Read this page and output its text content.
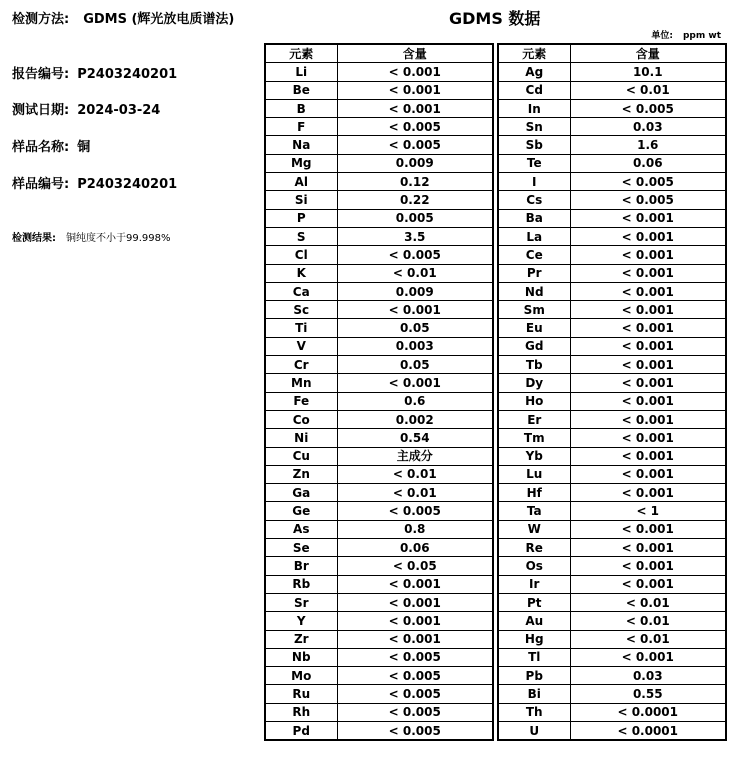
检测方法: GDMS (辉光放电质谱法)
报告编号: P2403240201
测试日期: 2024-03-24
样品名称: 铜
样品编号: P2403240201
检测结果: 铜纯度不小于99.998%
GDMS 数据
单位: ppm wt
元素	含量
Li	< 0.001
Be	< 0.001
B	< 0.001
F	< 0.005
Na	< 0.005
Mg	0.009
Al	0.12
Si	0.22
P	0.005
S	3.5
Cl	< 0.005
K	< 0.01
Ca	0.009
Sc	< 0.001
Ti	0.05
V	0.003
Cr	0.05
Mn	< 0.001
Fe	0.6
Co	0.002
Ni	0.54
Cu	主成分
Zn	< 0.01
Ga	< 0.01
Ge	< 0.005
As	0.8
Se	0.06
Br	< 0.05
Rb	< 0.001
Sr	< 0.001
Y	< 0.001
Zr	< 0.001
Nb	< 0.005
Mo	< 0.005
Ru	< 0.005
Rh	< 0.005
Pd	< 0.005
元素	含量
Ag	10.1
Cd	< 0.01
In	< 0.005
Sn	0.03
Sb	1.6
Te	0.06
I	< 0.005
Cs	< 0.005
Ba	< 0.001
La	< 0.001
Ce	< 0.001
Pr	< 0.001
Nd	< 0.001
Sm	< 0.001
Eu	< 0.001
Gd	< 0.001
Tb	< 0.001
Dy	< 0.001
Ho	< 0.001
Er	< 0.001
Tm	< 0.001
Yb	< 0.001
Lu	< 0.001
Hf	< 0.001
Ta	< 1
W	< 0.001
Re	< 0.001
Os	< 0.001
Ir	< 0.001
Pt	< 0.01
Au	< 0.01
Hg	< 0.01
Tl	< 0.001
Pb	0.03
Bi	0.55
Th	< 0.0001
U	< 0.0001
